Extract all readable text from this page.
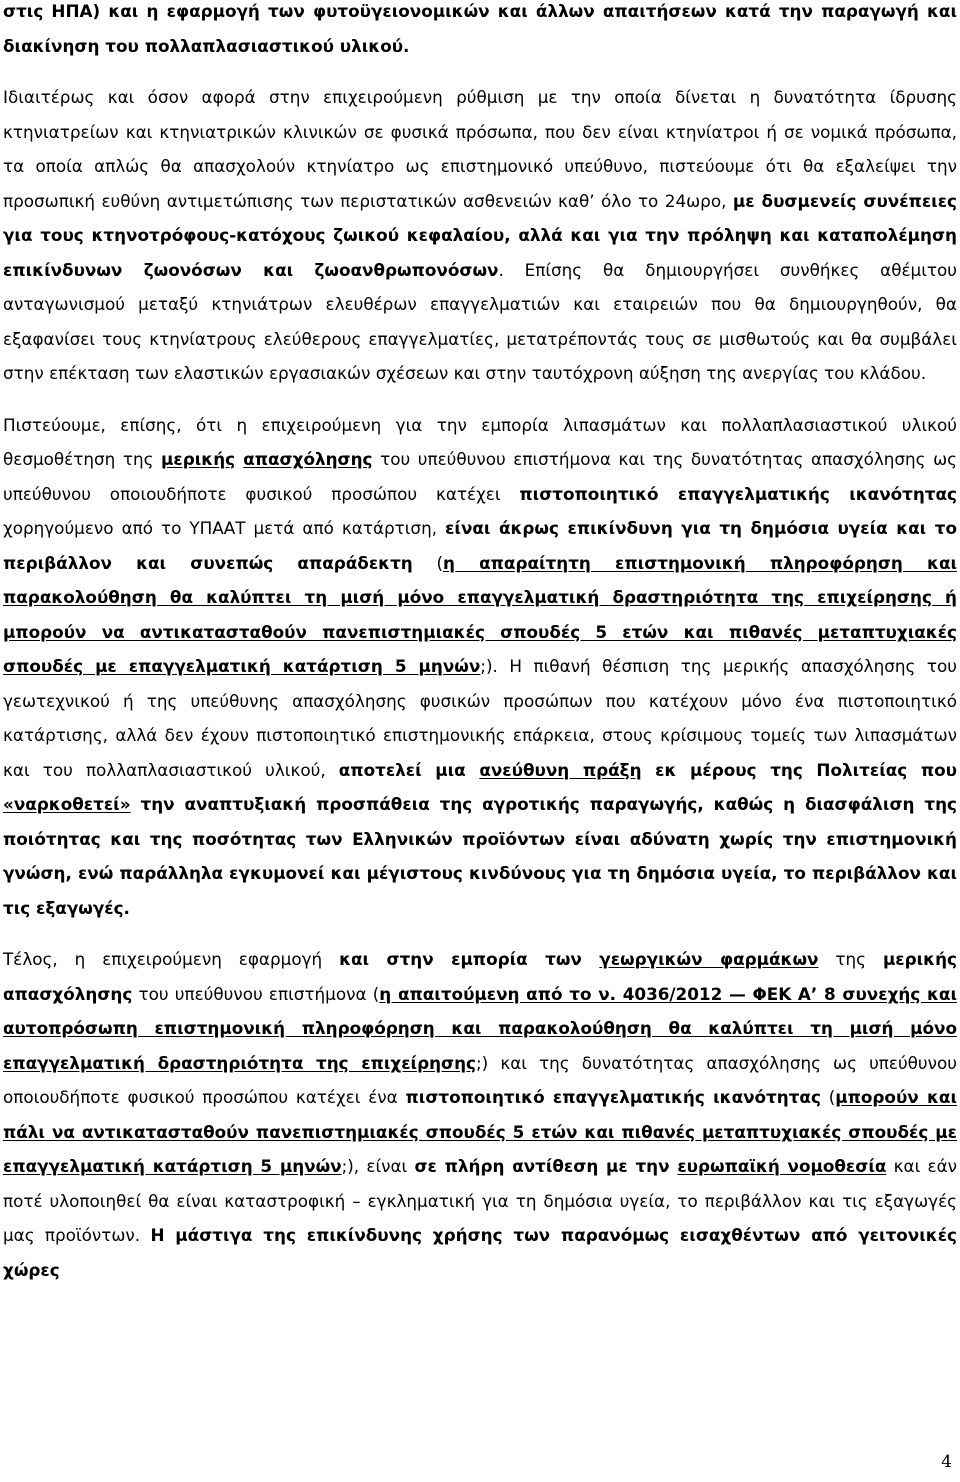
στις ΗΠΑ) και η εφαρμογή των φυτοϋγειονομικών και άλλων απαιτήσεων κατά την παραγωγή και διακίνηση του πολλαπλασιαστικού υλικού.

Ιδιαιτέρως και όσον αφορά στην επιχειρούμενη ρύθμιση με την οποία δίνεται η δυνατότητα ίδρυσης κτηνιατρείων και κτηνιατρικών κλινικών σε φυσικά πρόσωπα, που δεν είναι κτηνίατροι ή σε νομικά πρόσωπα, τα οποία απλώς θα απασχολούν κτηνίατρο ως επιστημονικό υπεύθυνο, πιστεύουμε ότι θα εξαλείψει την προσωπική ευθύνη αντιμετώπισης των περιστατικών ασθενειών καθ’ όλο το 24ωρο, με δυσμενείς συνέπειες για τους κτηνοτρόφους-κατόχους ζωικού κεφαλαίου, αλλά και για την πρόληψη και καταπολέμηση επικίνδυνων ζωονόσων και ζωοανθρωπονόσων. Επίσης θα δημιουργήσει συνθήκες αθέμιτου ανταγωνισμού μεταξύ κτηνιάτρων ελευθέρων επαγγελματιών και εταιρειών που θα δημιουργηθούν, θα εξαφανίσει τους κτηνίατρους ελεύθερους επαγγελματίες, μετατρέποντάς τους σε μισθωτούς και θα συμβάλει στην επέκταση των ελαστικών εργασιακών σχέσεων και στην ταυτόχρονη αύξηση της ανεργίας του κλάδου.

Πιστεύουμε, επίσης, ότι η επιχειρούμενη για την εμπορία λιπασμάτων και πολλαπλασιαστικού υλικού θεσμοθέτηση της μερικής απασχόλησης του υπεύθυνου επιστήμονα και της δυνατότητας απασχόλησης ως υπεύθυνου οποιουδήποτε φυσικού προσώπου κατέχει πιστοποιητικό επαγγελματικής ικανότητας χορηγούμενο από το ΥΠΑΑΤ μετά από κατάρτιση, είναι άκρως επικίνδυνη για τη δημόσια υγεία και το περιβάλλον και συνεπώς απαράδεκτη (η απαραίτητη επιστημονική πληροφόρηση και παρακολούθηση θα καλύπτει τη μισή μόνο επαγγελματική δραστηριότητα της επιχείρησης ή μπορούν να αντικατασταθούν πανεπιστημιακές σπουδές 5 ετών και πιθανές μεταπτυχιακές σπουδές με επαγγελματική κατάρτιση 5 μηνών;). Η πιθανή θέσπιση της μερικής απασχόλησης του γεωτεχνικού ή της υπεύθυνης απασχόλησης φυσικών προσώπων που κατέχουν μόνο ένα πιστοποιητικό κατάρτισης, αλλά δεν έχουν πιστοποιητικό επιστημονικής επάρκεια, στους κρίσιμους τομείς των λιπασμάτων και του πολλαπλασιαστικού υλικού, αποτελεί μια ανεύθυνη πράξη εκ μέρους της Πολιτείας που «ναρκοθετεί» την αναπτυξιακή προσπάθεια της αγροτικής παραγωγής, καθώς η διασφάλιση της ποιότητας και της ποσότητας των Ελληνικών προϊόντων είναι αδύνατη χωρίς την επιστημονική γνώση, ενώ παράλληλα εγκυμονεί και μέγιστους κινδύνους για τη δημόσια υγεία, το περιβάλλον και τις εξαγωγές.

Τέλος, η επιχειρούμενη εφαρμογή και στην εμπορία των γεωργικών φαρμάκων της μερικής απασχόλησης του υπεύθυνου επιστήμονα (η απαιτούμενη από το ν. 4036/2012 — ΦΕΚ Α’ 8 συνεχής και αυτοπρόσωπη επιστημονική πληροφόρηση και παρακολούθηση θα καλύπτει τη μισή μόνο επαγγελματική δραστηριότητα της επιχείρησης;) και της δυνατότητας απασχόλησης ως υπεύθυνου οποιουδήποτε φυσικού προσώπου κατέχει ένα πιστοποιητικό επαγγελματικής ικανότητας (μπορούν και πάλι να αντικατασταθούν πανεπιστημιακές σπουδές 5 ετών και πιθανές μεταπτυχιακές σπουδές με επαγγελματική κατάρτιση 5 μηνών;), είναι σε πλήρη αντίθεση με την ευρωπαϊκή νομοθεσία και εάν ποτέ υλοποιηθεί θα είναι καταστροφική – εγκληματική για τη δημόσια υγεία, το περιβάλλον και τις εξαγωγές μας προϊόντων. Η μάστιγα της επικίνδυνης χρήσης των παρανόμως εισαχθέντων από γειτονικές χώρες

4
